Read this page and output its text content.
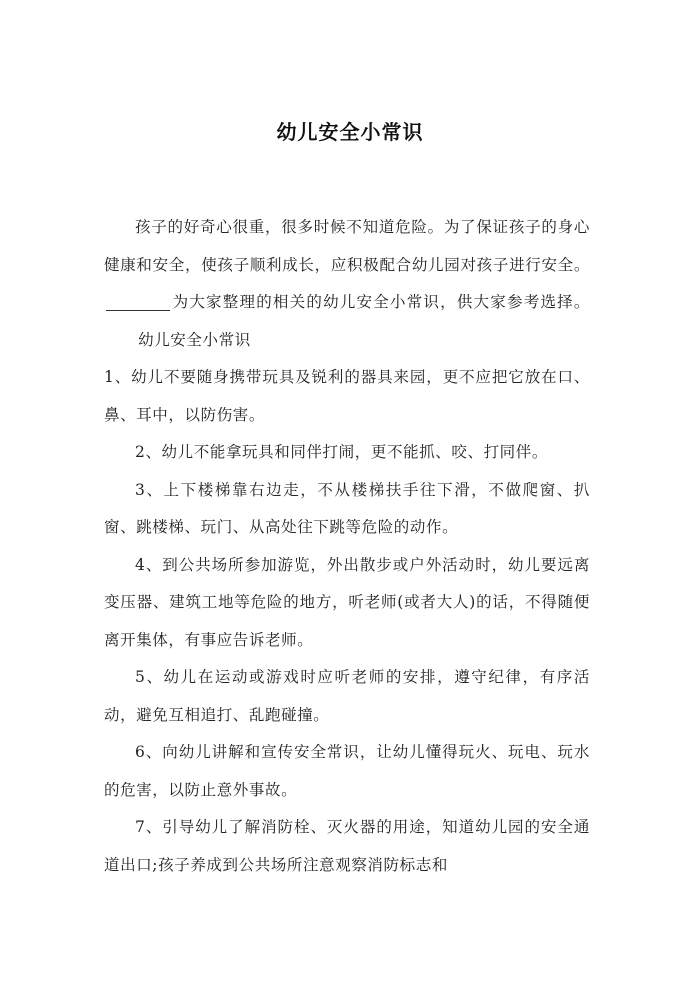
幼儿安全小常识

孩子的好奇心很重，很多时候不知道危险。为了保证孩子的身心健康和安全，使孩子顺利成长，应积极配合幼儿园对孩子进行安全。为大家整理的相关的幼儿安全小常识，供大家参考选择。幼儿安全小常识

1、幼儿不要随身携带玩具及锐利的器具来园，更不应把它放在口、鼻、耳中，以防伤害。

2、幼儿不能拿玩具和同伴打闹，更不能抓、咬、打同伴。

3、上下楼梯靠右边走，不从楼梯扶手往下滑，不做爬窗、扒窗、跳楼梯、玩门、从高处往下跳等危险的动作。

4、到公共场所参加游览，外出散步或户外活动时，幼儿要远离变压器、建筑工地等危险的地方，听老师(或者大人)的话，不得随便离开集体，有事应告诉老师。

5、幼儿在运动或游戏时应听老师的安排，遵守纪律，有序活动，避免互相追打、乱跑碰撞。

6、向幼儿讲解和宣传安全常识，让幼儿懂得玩火、玩电、玩水的危害，以防止意外事故。

7、引导幼儿了解消防栓、灭火器的用途，知道幼儿园的安全通道出口;孩子养成到公共场所注意观察消防标志和
